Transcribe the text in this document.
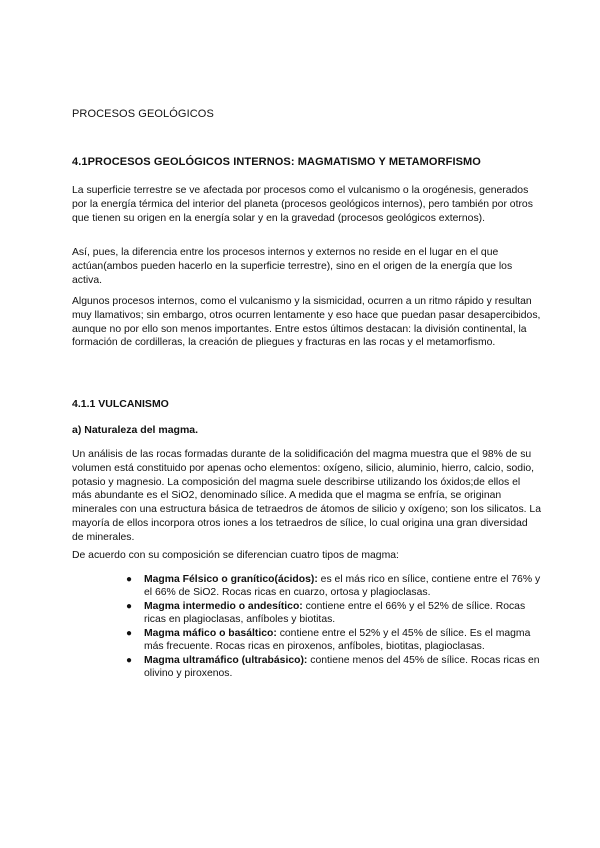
PROCESOS GEOLÓGICOS
4.1PROCESOS GEOLÓGICOS INTERNOS: MAGMATISMO Y METAMORFISMO

La superficie terrestre se ve afectada por procesos como el vulcanismo o la orogénesis, generados por la energía térmica del interior del planeta (procesos geológicos internos), pero también por otros que tienen su origen en la energía solar y en la gravedad (procesos geológicos externos).

Así, pues, la diferencia entre los procesos internos y externos no reside en el lugar en el que actúan(ambos pueden hacerlo en la superficie terrestre), sino en el origen de la energía que los activa.

Algunos procesos internos, como el vulcanismo y la sismicidad, ocurren a un ritmo rápido y resultan muy llamativos; sin embargo, otros ocurren lentamente y eso hace que puedan pasar desapercibidos, aunque no por ello son menos importantes. Entre estos últimos destacan: la división continental, la formación de cordilleras, la creación de pliegues y fracturas en las rocas y el metamorfismo.

4.1.1 VULCANISMO
a) Naturaleza del magma.

Un análisis de las rocas formadas durante de la solidificación del magma muestra que el 98% de su volumen está constituido por apenas ocho elementos: oxígeno, silicio, aluminio, hierro, calcio, sodio, potasio y magnesio. La composición del magma suele describirse utilizando los óxidos;de ellos el más abundante es el SiO2, denominado sílice. A medida que el magma se enfría, se originan minerales con una estructura básica de tetraedros de átomos de silicio y oxígeno; son los silicatos. La mayoría de ellos incorpora otros iones a los tetraedros de sílice, lo cual origina una gran diversidad de minerales.

De acuerdo con su composición se diferencian cuatro tipos de magma:

● Magma Félsico o granítico(ácidos): es el más rico en sílice, contiene entre el 76% y el 66% de SiO2. Rocas ricas en cuarzo, ortosa y plagioclasas.
● Magma intermedio o andesítico: contiene entre el 66% y el 52% de sílice. Rocas ricas en plagioclasas, anfíboles y biotitas.
● Magma máfico o basáltico: contiene entre el 52% y el 45% de sílice. Es el magma más frecuente. Rocas ricas en piroxenos, anfíboles, biotitas, plagioclasas.
● Magma ultramáfico (ultrabásico): contiene menos del 45% de sílice. Rocas ricas en olivino y piroxenos.
